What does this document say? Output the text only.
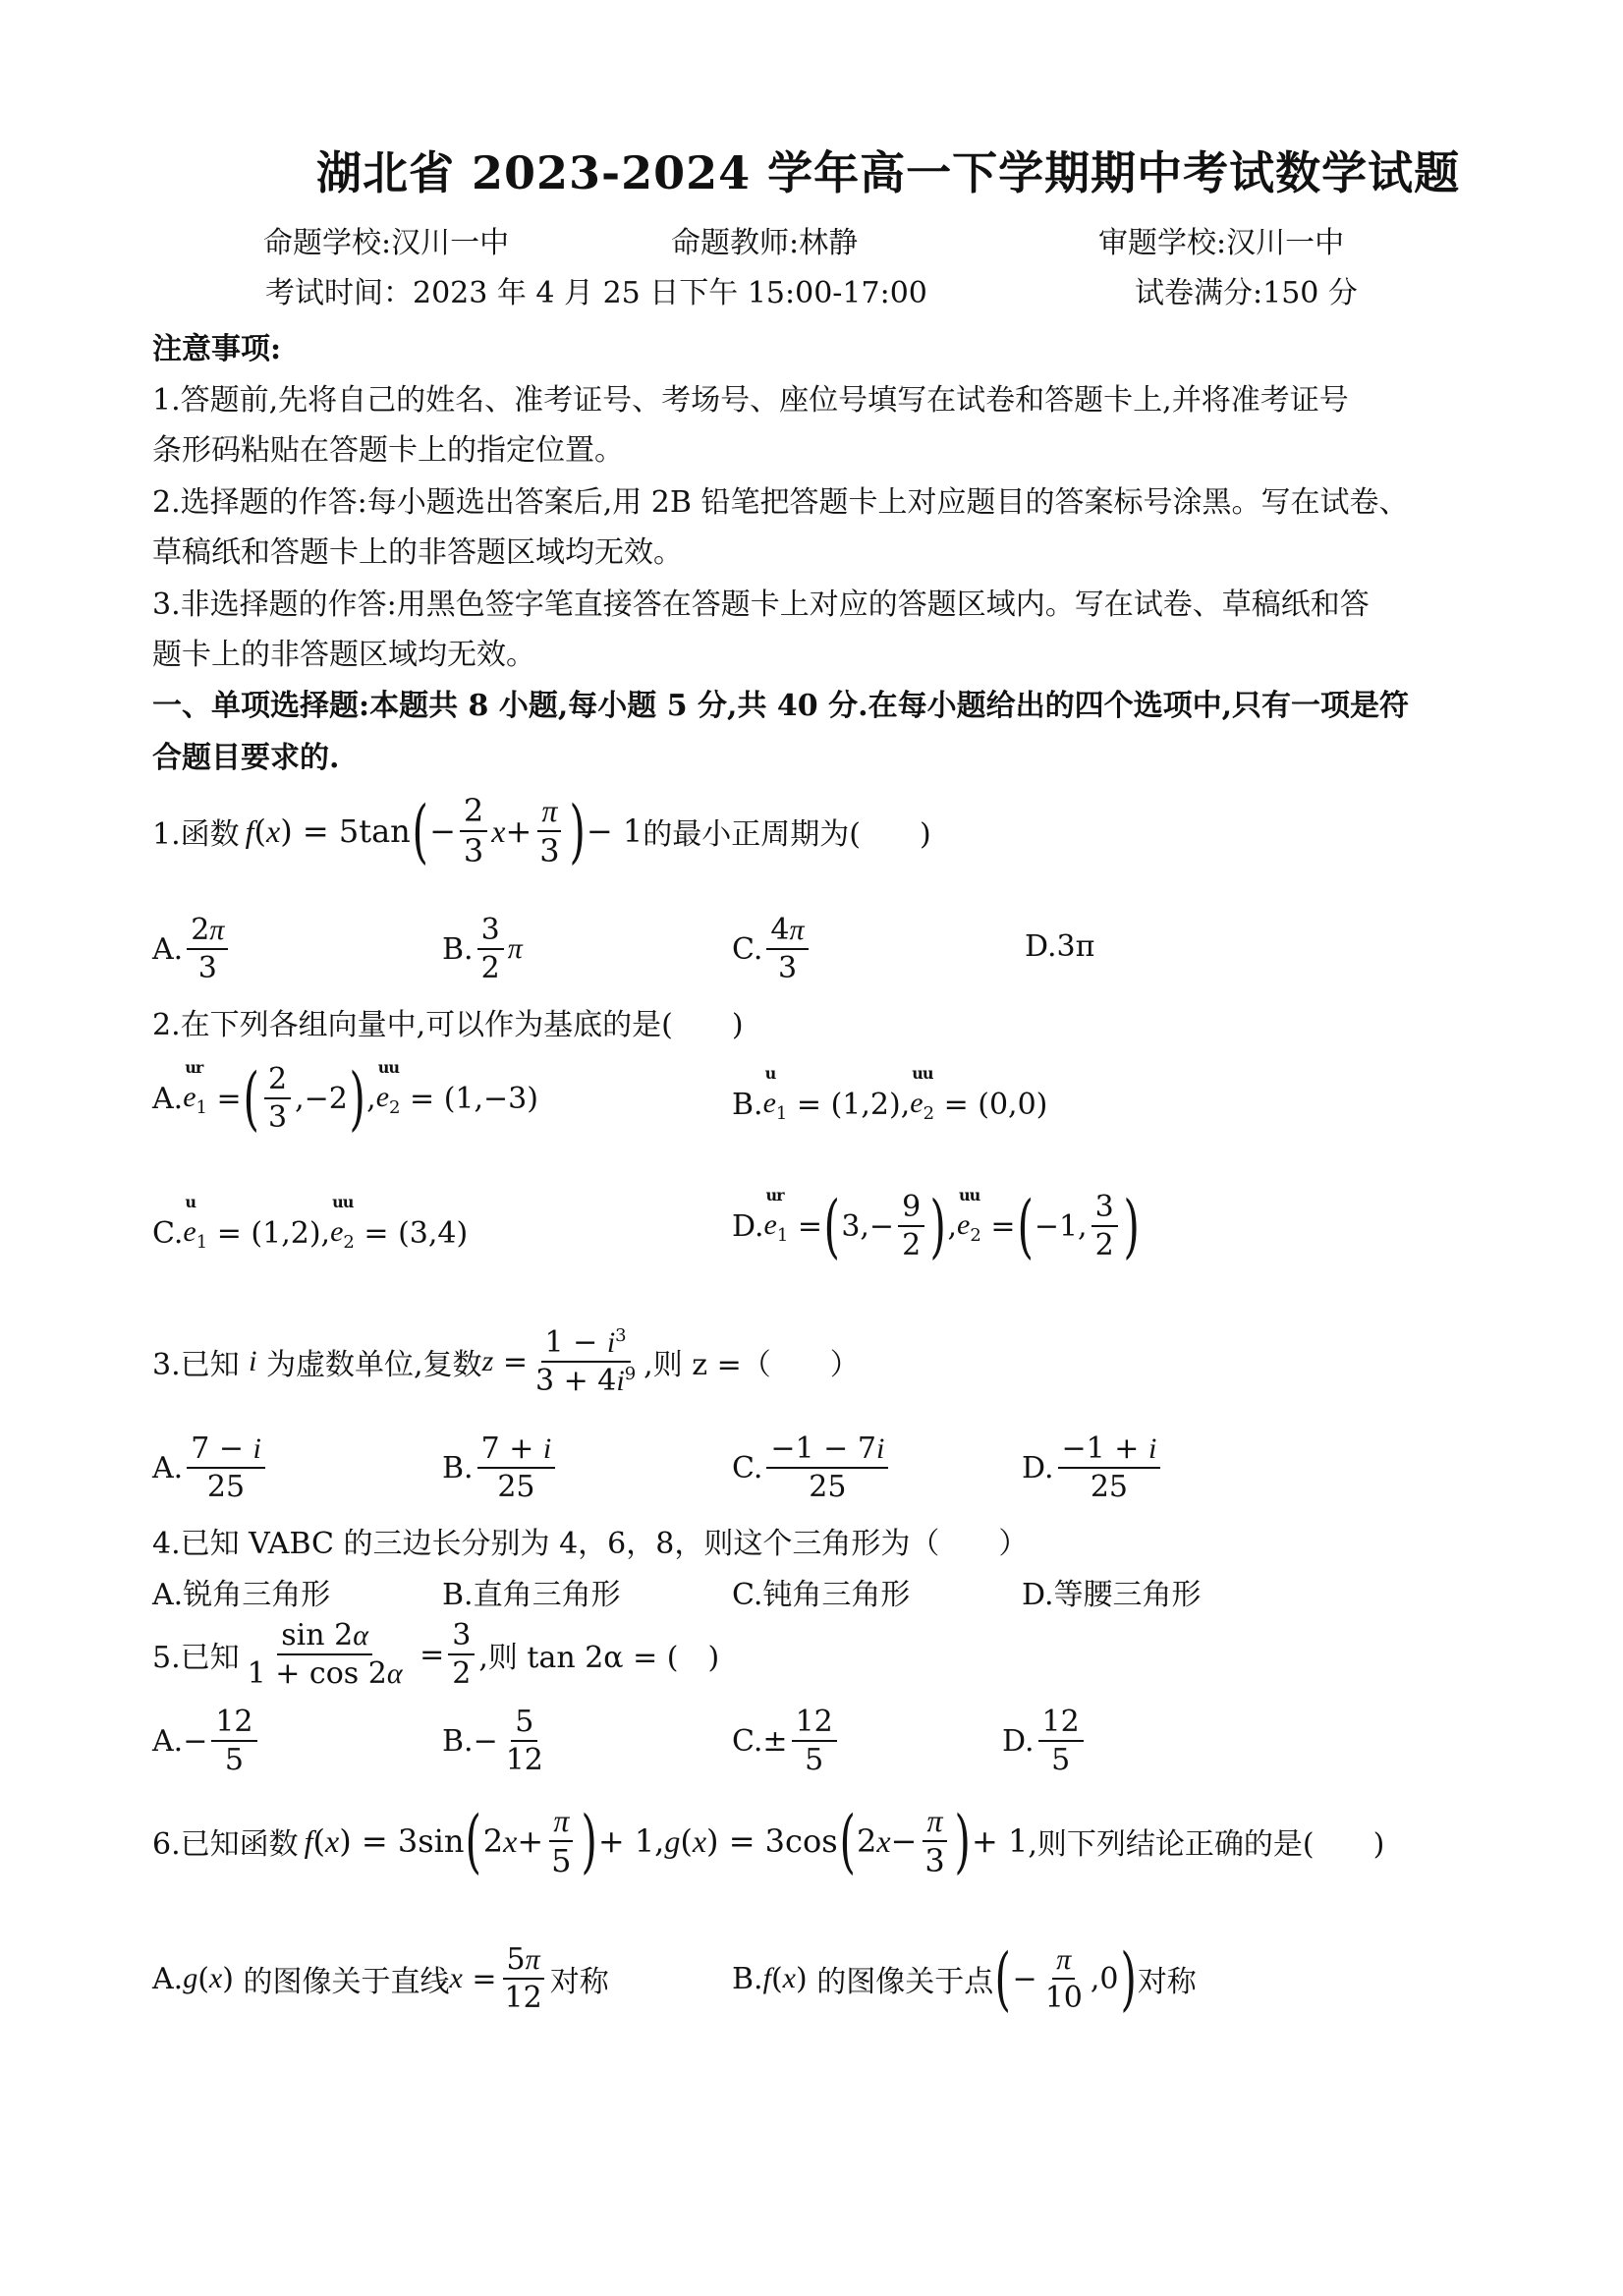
湖北省 2023-2024 学年高一下学期期中考试数学试题
命题学校:汉川一中	命题教师:林静	审题学校:汉川一中
考试时间：2023 年 4 月 25 日下午 15:00-17:00	试卷满分:150 分
注意事项:
1.答题前,先将自己的姓名、准考证号、考场号、座位号填写在试卷和答题卡上,并将准考证号
条形码粘贴在答题卡上的指定位置。
2.选择题的作答:每小题选出答案后,用 2B 铅笔把答题卡上对应题目的答案标号涂黑。写在试卷、
草稿纸和答题卡上的非答题区域均无效。
3.非选择题的作答:用黑色签字笔直接答在答题卡上对应的答题区域内。写在试卷、草稿纸和答
题卡上的非答题区域均无效。
一、单项选择题:本题共 8 小题,每小题 5 分,共 40 分.在每小题给出的四个选项中,只有一项是符
合题目要求的.
1.函数 f ( x ) = 5tan ( − $\frac{2}{3}$ $x + \frac{\pi}{3}$ ) − 1 的最小正周期为(　　)
A. $\frac{2\pi}{3}$	B. $\frac{3}{2}$ π	C. $\frac{4\pi}{3}$	D.3π
2.在下列各组向量中,可以作为基底的是(　　)
A.
ur
$e_1$ = ( $\frac{2}{3} ,-2$ ) ,
uu
$e_2 = (1,-3)$	B.
u
$e_1$
= (1,2),
uu
$e_2$
= (0,0)
C.
u
$e_1$
= (1,2),
uu
$e_2$
= (3,4)	D.
ur
$e_1$ = ( $3,- \frac{9}{2}$ ) ,
uu
$e_2$ = ( −1, $\frac{3}{2}$ )
3.已知
i
为虚数单位,复数 $z = \frac{1 - i^3}{3 + 4i^9}$ ,则 z =（　　）
A. $\frac{7 - i}{25}$	B. $\frac{7 + i}{25}$	C. $\frac{-1 - 7i}{25}$	D. $\frac{-1 + i}{25}$
4.已知 VABC 的三边长分别为 4，6，8，则这个三角形为（　　）
A.锐角三角形	B.直角三角形	C.钝角三角形	D.等腰三角形
5.已知 $\frac{\sin 2\alpha}{1 + \cos 2\alpha} = \frac{3}{2}$ ,则 tan 2α = (　)
$A.- \frac{12}{5}$	$B.- \frac{5}{12}$	$C.\pm \frac{12}{5}$	D. $\frac{12}{5}$
6.已知函数 f ( x ) = 3sin ( 2 $x + \frac{\pi}{5}$ ) + 1, g ( x ) = 3cos ( 2 $x - \frac{\pi}{3}$ ) + 1 ,则下列结论正确的是(　　)
A. g ( x ) 的图像关于直线 $x = \frac{5\pi}{12}$ 对称	B. f ( x ) 的图像关于点 ( − $\frac{\pi}{10} ,0$ ) 对称
